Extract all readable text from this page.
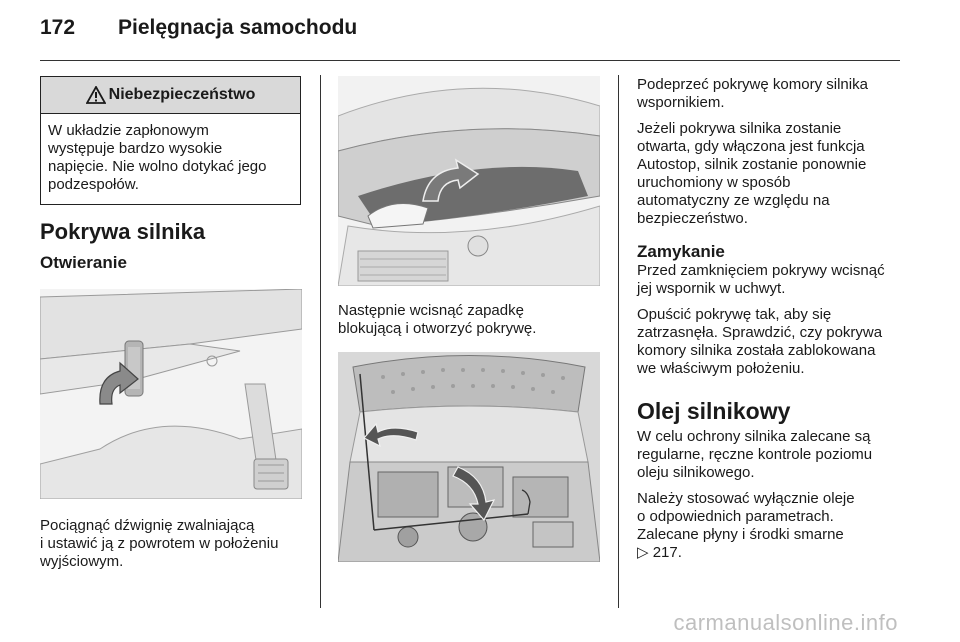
172 Pielęgnacja samochodu
Niebezpieczeństwo
W układzie zapłonowym
występuje bardzo wysokie
napięcie. Nie wolno dotykać jego
podzespołów.
Pokrywa silnika
Otwieranie

Pociągnąć dźwignię zwalniającą

i ustawić ją z powrotem w położeniu

wyjściowym.

Następnie wcisnąć zapadkę

blokującą i otworzyć pokrywę.

Podeprzeć pokrywę komory silnika

wspornikiem.

Jeżeli pokrywa silnika zostanie

otwarta, gdy włączona jest funkcja

Autostop, silnik zostanie ponownie

uruchomiony w sposób

automatyczny ze względu na

bezpieczeństwo.

Zamykanie

Przed zamknięciem pokrywy wcisnąć

jej wspornik w uchwyt.

Opuścić pokrywę tak, aby się

zatrzasnęła. Sprawdzić, czy pokrywa

komory silnika została zablokowana

we właściwym położeniu.

Olej silnikowy

W celu ochrony silnika zalecane są

regularne, ręczne kontrole poziomu

oleju silnikowego.

Należy stosować wyłącznie oleje

o odpowiednich parametrach.

Zalecane płyny i środki smarne

▷ 217.

carmanualsonline.info
